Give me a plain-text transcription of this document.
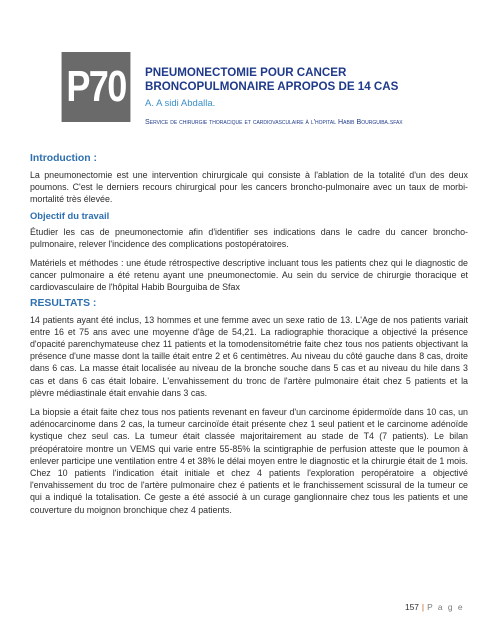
P70	PNEUMONECTOMIE POUR CANCER BRONCOPULMONAIRE APROPOS DE 14 CAS
A. A sidi Abdalla.
Service de chirurgie thoracique et cardiovasculaire à l'hopital Habib Bourguiba.sfax
Introduction :
La pneumonectomie est une intervention chirurgicale qui consiste à l'ablation de la totalité d'un des deux poumons. C'est le derniers recours chirurgical pour les cancers broncho-pulmonaire avec un taux de morbi-mortalité très élevée.
Objectif du travail
Étudier les cas de pneumonectomie afin d'identifier ses indications dans le cadre du cancer broncho-pulmonaire, relever l'incidence des complications postopératoires.
Matériels et méthodes : une étude rétrospective descriptive incluant tous les patients chez qui le diagnostic de cancer pulmonaire a été retenu ayant une pneumonectomie. Au sein du service de chirurgie thoracique et cardiovasculaire de l'hôpital Habib Bourguiba de Sfax
RESULTATS :
14 patients ayant été inclus, 13 hommes et une femme avec un sexe ratio de 13. L'Age de nos patients variait entre 16 et 75 ans avec une moyenne d'âge de 54,21. La radiographie thoracique a objectivé la présence d'opacité parenchymateuse chez 11 patients et la tomodensitométrie faite chez tous nos patients objectivant la présence d'une masse dont la taille était entre 2 et 6 centimètres. Au niveau du côté gauche dans 8 cas, droite dans 6 cas. La masse était localisée au niveau de la bronche souche dans 5 cas et au niveau du hile dans 3 cas et dans 6 cas était lobaire. L'envahissement du tronc de l'artère pulmonaire était chez 5 patients et la plèvre médiastinale était envahie dans 3 cas.
La biopsie a était faite chez tous nos patients revenant en faveur d'un carcinome épidermoïde dans 10 cas, un adénocarcinome dans 2 cas, la tumeur carcinoïde était présente chez 1 seul patient et le carcinome adénoïde kystique chez seul cas. La tumeur était classée majoritairement au stade de T4 (7 patients). Le bilan préopératoire montre un VEMS qui varie entre 55-85% la scintigraphie de perfusion atteste que le poumon à enlever participe une ventilation entre 4 et 38% le délai moyen entre le diagnostic et la chirurgie était de 1 mois. Chez 10 patients l'indication était initiale et chez 4 patients l'exploration peropératoire a objectivé l'envahissement du troc de l'artère pulmonaire chez é patients et le franchissement scissural de la tumeur ce qui a indiqué la totalisation. Ce geste a été associé à un curage ganglionnaire chez tous les patients et une couverture du moignon bronchique chez 4 patients.
157 | P a g e
